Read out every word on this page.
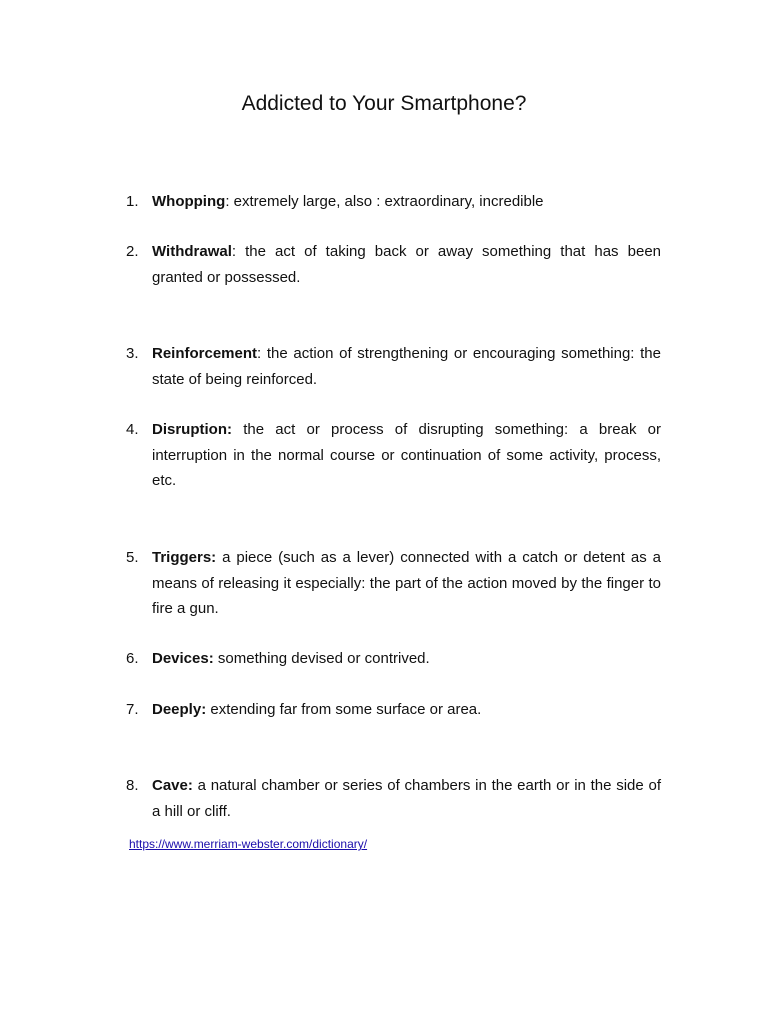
Addicted to Your Smartphone?
1. Whopping: extremely large, also : extraordinary, incredible
2. Withdrawal: the act of taking back or away something that has been granted or possessed.
3. Reinforcement: the action of strengthening or encouraging something: the state of being reinforced.
4. Disruption: the act or process of disrupting something: a break or interruption in the normal course or continuation of some activity, process, etc.
5. Triggers: a piece (such as a lever) connected with a catch or detent as a means of releasing it especially: the part of the action moved by the finger to fire a gun.
6. Devices: something devised or contrived.
7. Deeply: extending far from some surface or area.
8. Cave: a natural chamber or series of chambers in the earth or in the side of a hill or cliff.
https://www.merriam-webster.com/dictionary/
